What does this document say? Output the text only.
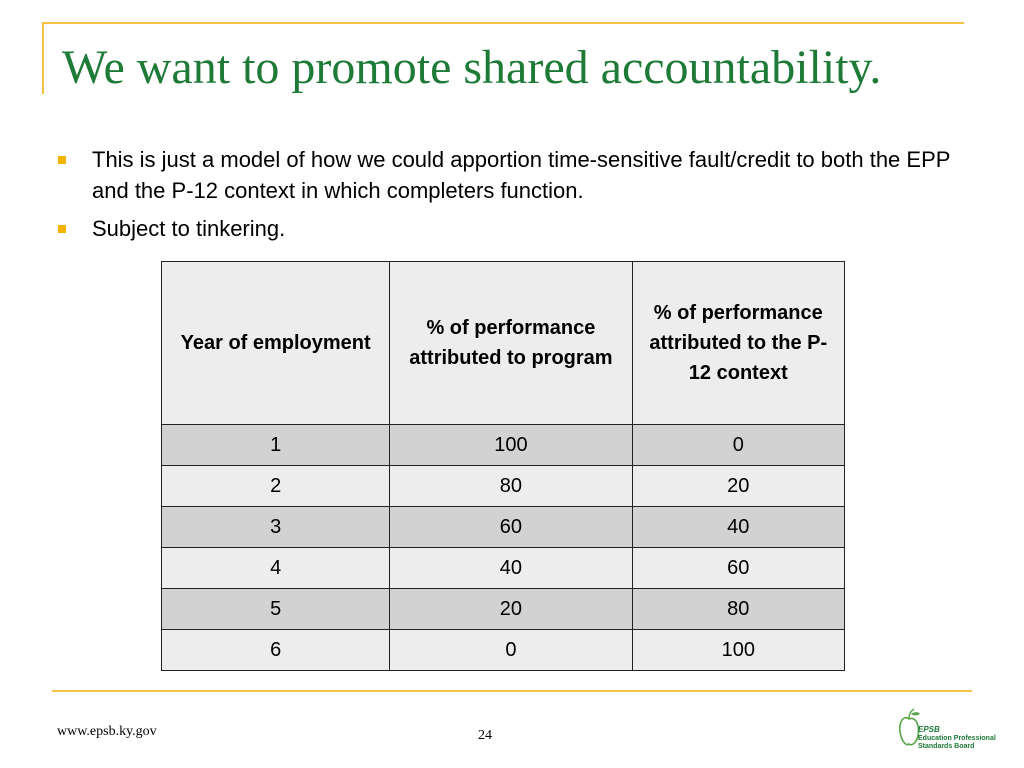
We want to promote shared accountability.
This is just a model of how we could apportion time-sensitive fault/credit to both the EPP and the P-12 context in which completers function.
Subject to tinkering.
Year of employment	% of performance attributed to program	% of performance attributed to the P-12 context
1	100	0
2	80	20
3	60	40
4	40	60
5	20	80
6	0	100
www.epsb.ky.gov	24	EPSB
Education Professional
Standards Board
